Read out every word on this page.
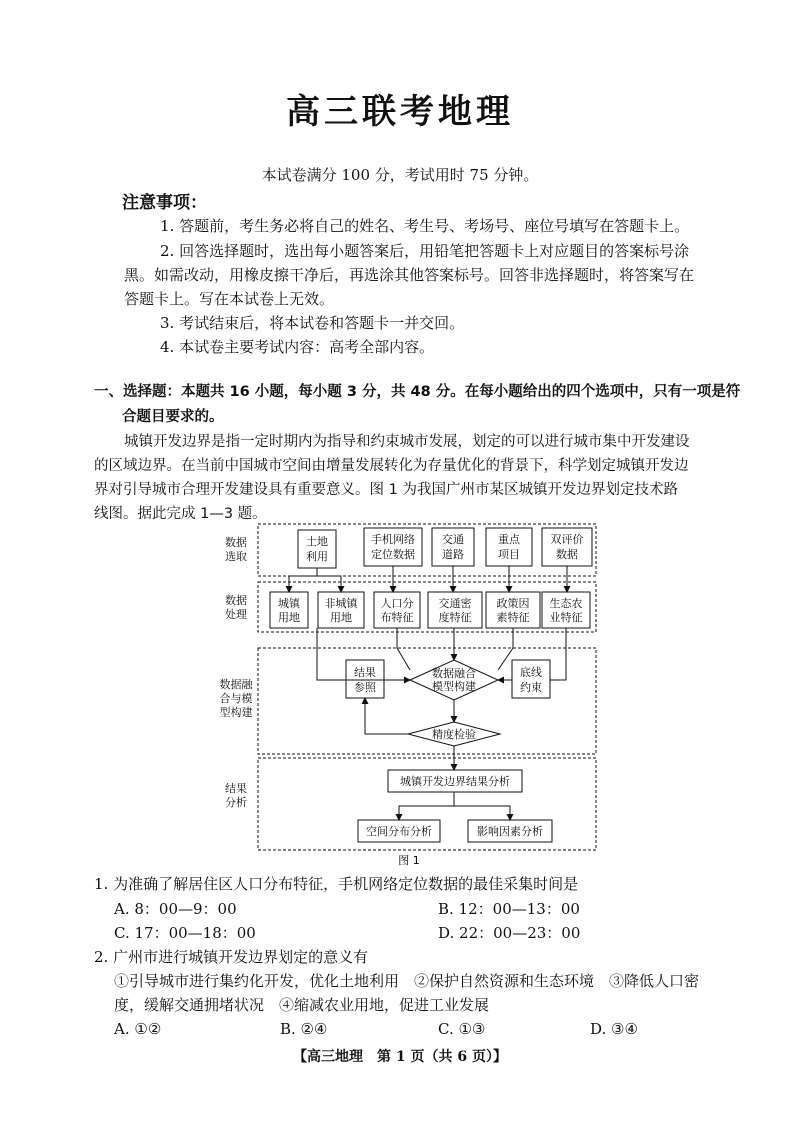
高三联考地理
本试卷满分 100 分，考试用时 75 分钟。
注意事项：
1. 答题前，考生务必将自己的姓名、考生号、考场号、座位号填写在答题卡上。
2. 回答选择题时，选出每小题答案后，用铅笔把答题卡上对应题目的答案标号涂
黑。如需改动，用橡皮擦干净后，再选涂其他答案标号。回答非选择题时，将答案写在
答题卡上。写在本试卷上无效。
3. 考试结束后，将本试卷和答题卡一并交回。
4. 本试卷主要考试内容：高考全部内容。
一、选择题：本题共 16 小题，每小题 3 分，共 48 分。在每小题给出的四个选项中，只有一项是符
合题目要求的。
城镇开发边界是指一定时期内为指导和约束城市发展，划定的可以进行城市集中开发建设
的区域边界。在当前中国城市空间由增量发展转化为存量优化的背景下，科学划定城镇开发边
界对引导城市合理开发建设具有重要意义。图 1 为我国广州市某区城镇开发边界划定技术路
线图。据此完成 1—3 题。
数据
选取
数据
处理
数据融
合与模
型构建
结果
分析
土地
利用
手机网络
定位数据
交通
道路
重点
项目
双评价
数据
城镇
用地
非城镇
用地
人口分
布特征
交通密
度特征
政策因
素特征
生态农
业特征
结果
参照
数据融合
模型构建
底线
约束
精度检验
城镇开发边界结果分析
空间分布分析	影响因素分析
图 1
1. 为准确了解居住区人口分布特征，手机网络定位数据的最佳采集时间是
A. 8：00—9：00	B. 12：00—13：00
C. 17：00—18：00	D. 22：00—23：00
2. 广州市进行城镇开发边界划定的意义有
①引导城市进行集约化开发，优化土地利用　②保护自然资源和生态环境　③降低人口密
度，缓解交通拥堵状况　④缩减农业用地，促进工业发展
A. ①②	B. ②④	C. ①③	D. ③④
【高三地理　第 1 页（共 6 页）】
